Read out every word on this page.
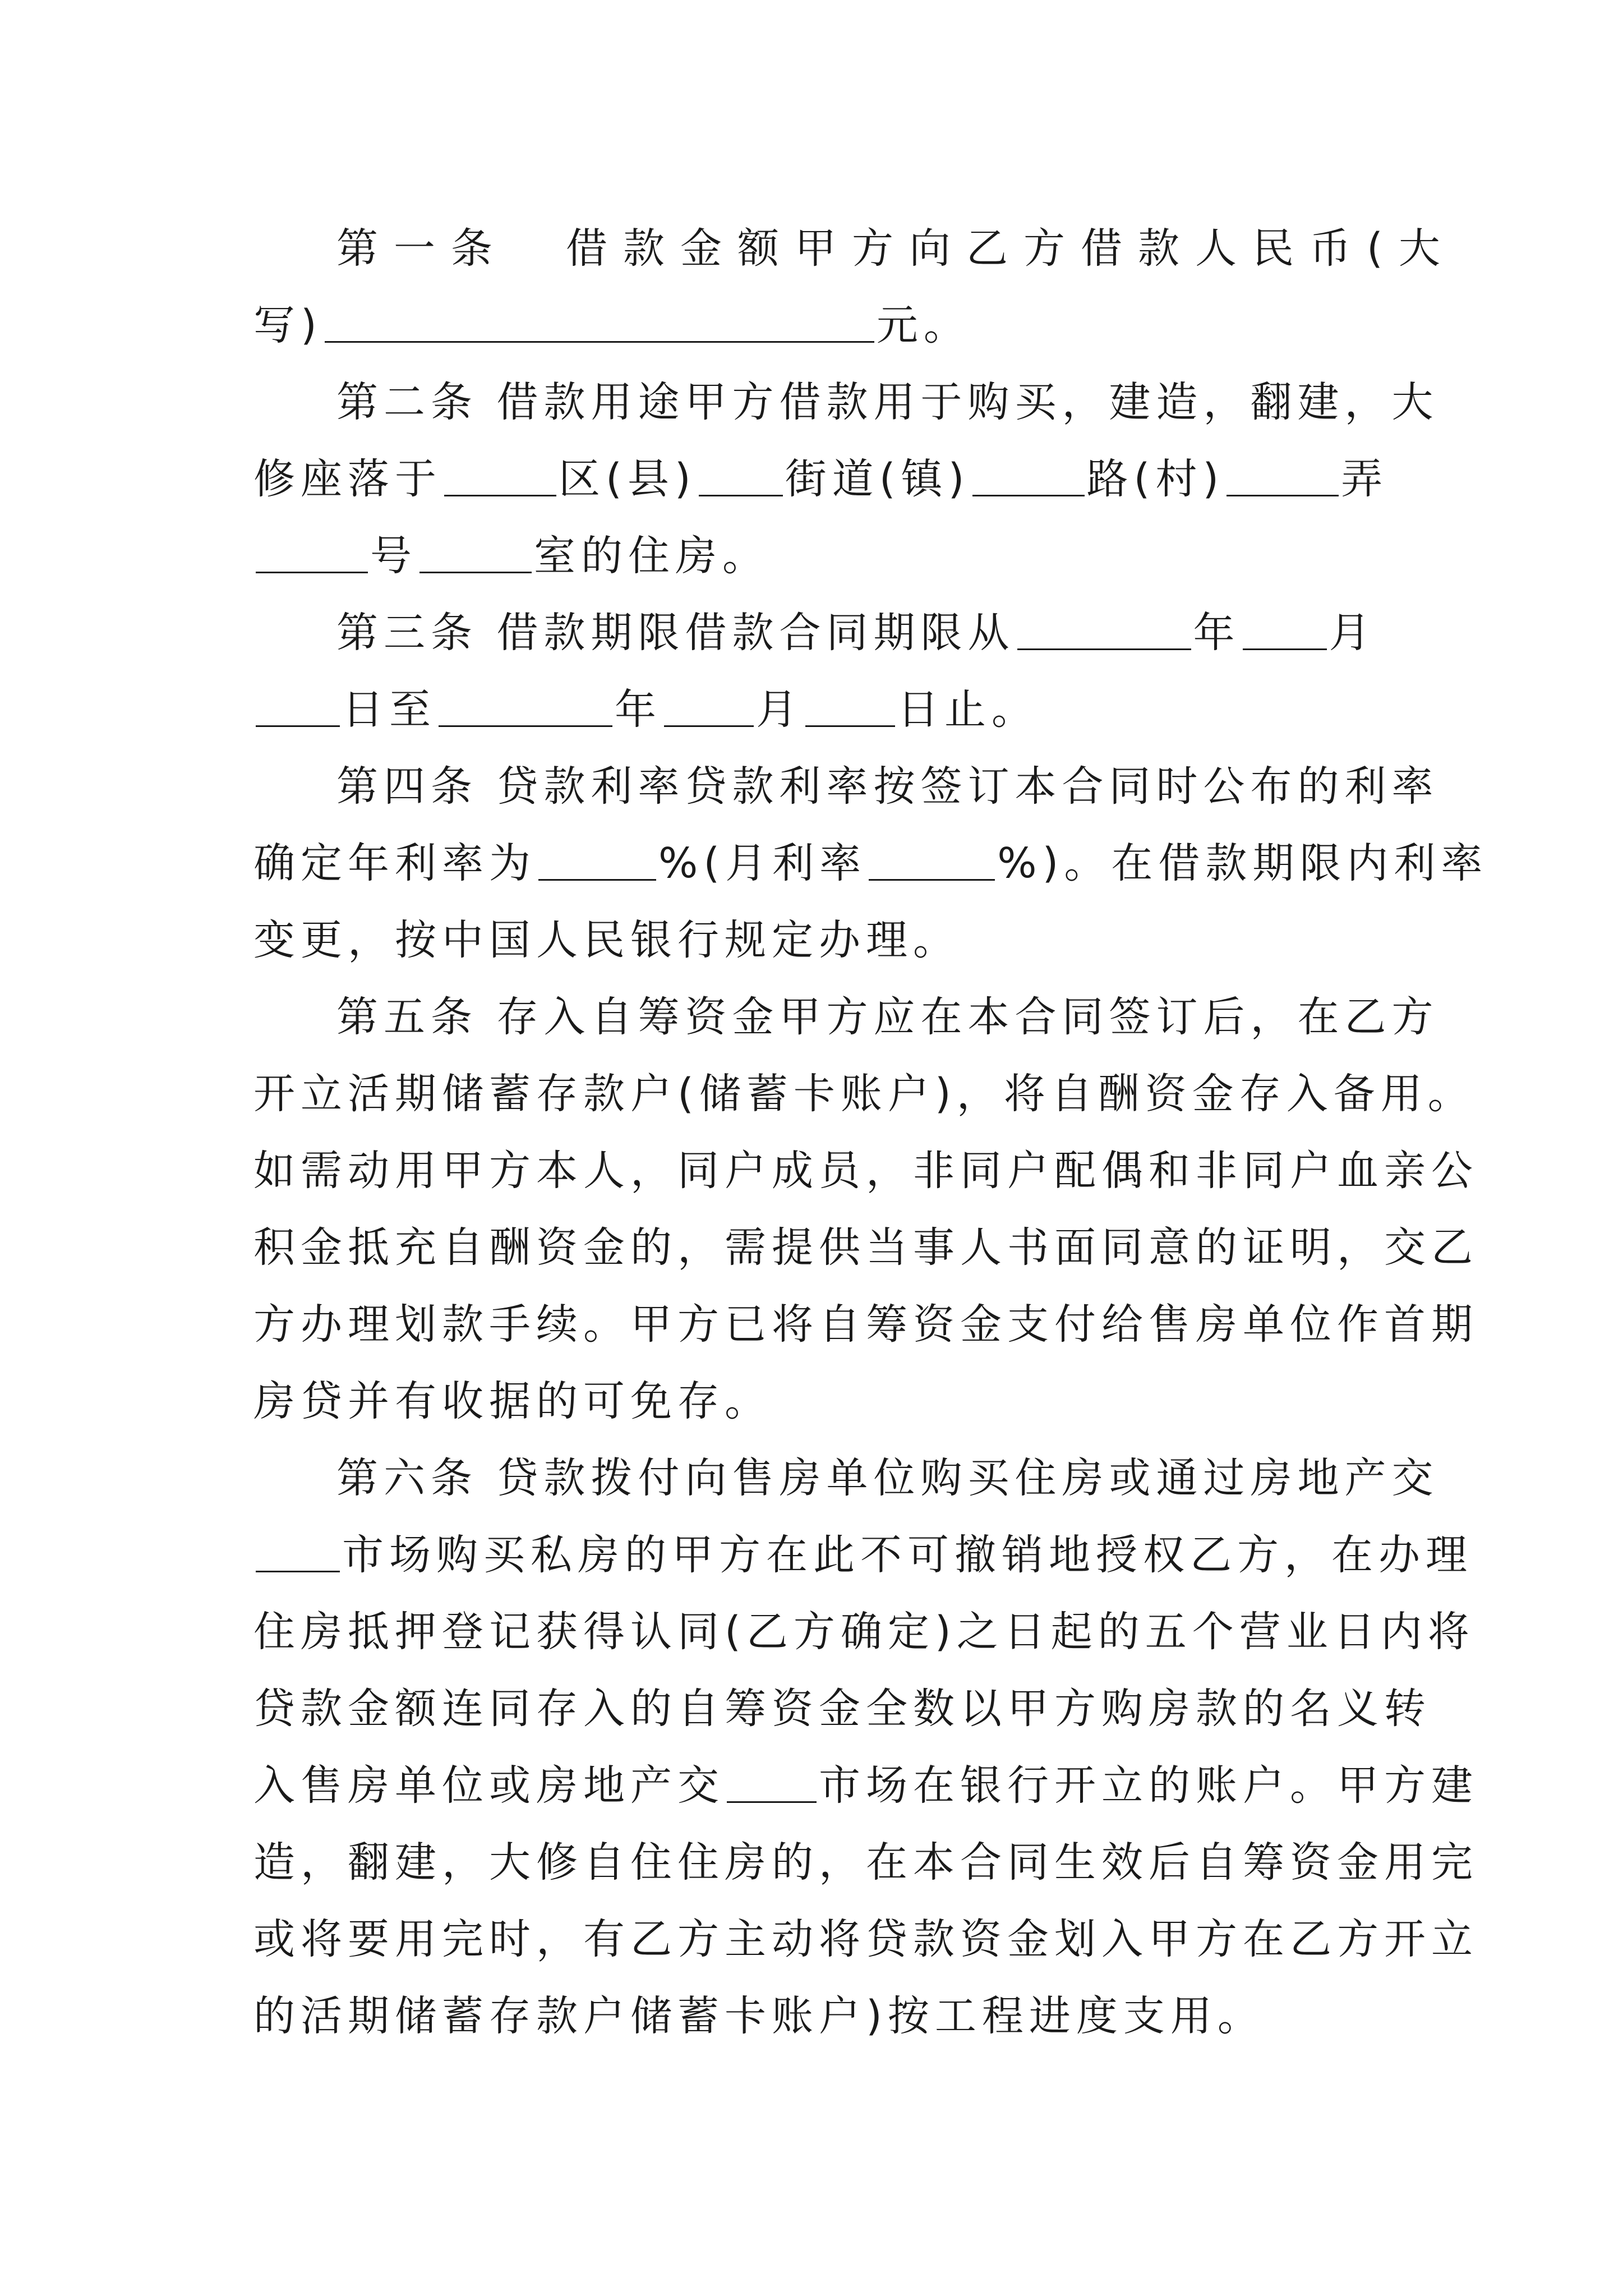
第一条  借款金额甲方向乙方借款人民币(大
写)	元。
第二条 借款用途甲方借款用于购买，建造，翻建，大
修座落于	区(县) 街道(镇)	路(村)	弄
号	室的住房。
第三条 借款期限借款合同期限从	年 月
日至	年 月 日止。
第四条 贷款利率贷款利率按签订本合同时公布的利率
确定年利率为	%(月利率	%)。在借款期限内利率
变更，按中国人民银行规定办理。
第五条 存入自筹资金甲方应在本合同签订后，在乙方
开立活期储蓄存款户(储蓄卡账户)，将自酬资金存入备用。
如需动用甲方本人，同户成员，非同户配偶和非同户血亲公
积金抵充自酬资金的，需提供当事人书面同意的证明，交乙
方办理划款手续。甲方已将自筹资金支付给售房单位作首期
房贷并有收据的可免存。
第六条 贷款拨付向售房单位购买住房或通过房地产交
市场购买私房的甲方在此不可撤销地授权乙方，在办理
住房抵押登记获得认同(乙方确定)之日起的五个营业日内将
贷款金额连同存入的自筹资金全数以甲方购房款的名义转
入售房单位或房地产交 市场在银行开立的账户。甲方建
造，翻建，大修自住住房的，在本合同生效后自筹资金用完
或将要用完时，有乙方主动将贷款资金划入甲方在乙方开立
的活期储蓄存款户储蓄卡账户)按工程进度支用。
